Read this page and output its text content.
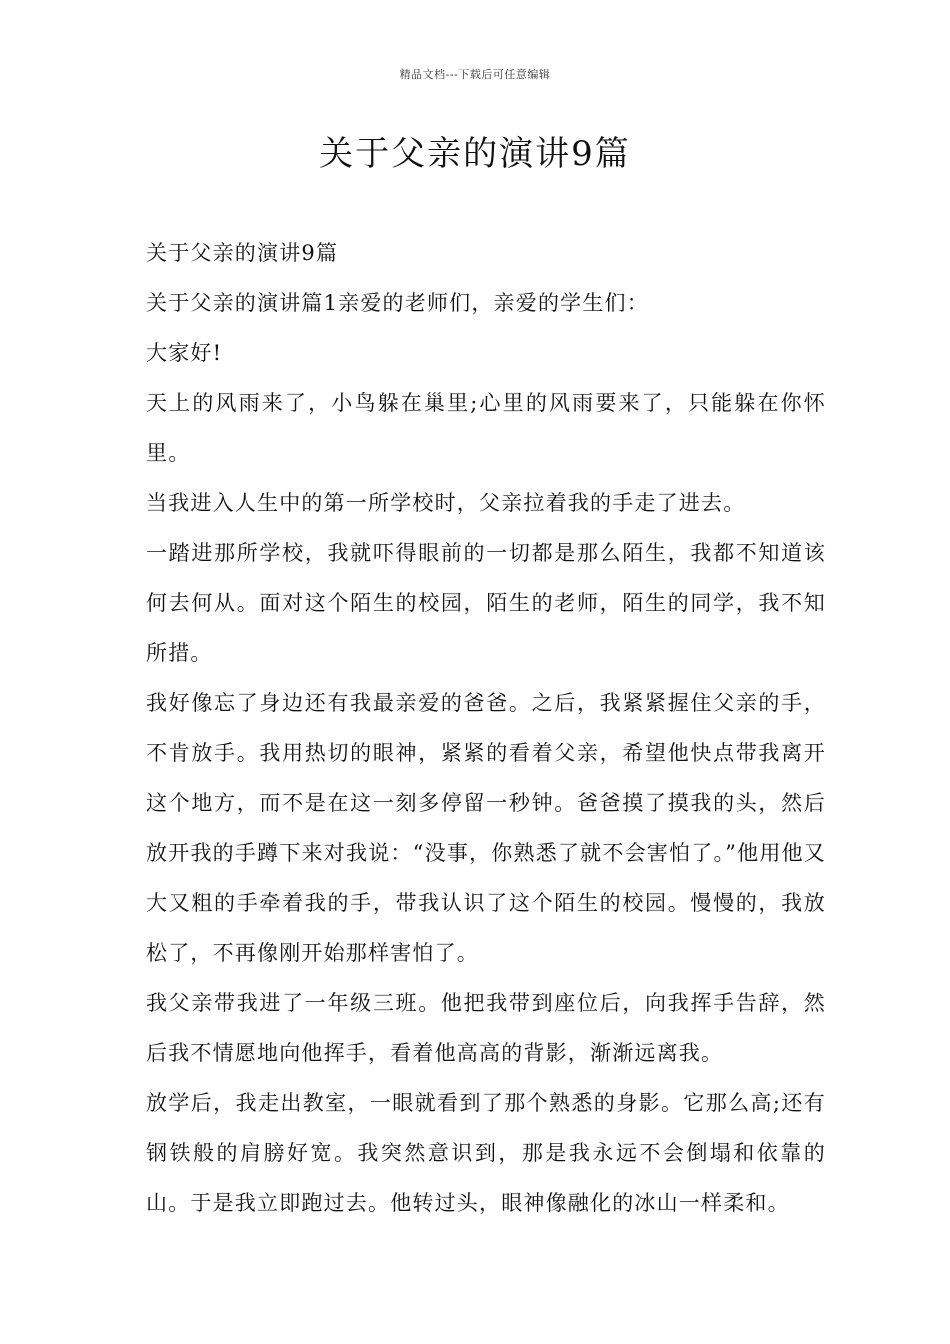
精品文档---下载后可任意编辑
关于父亲的演讲9篇

关于父亲的演讲9篇

关于父亲的演讲篇1亲爱的老师们，亲爱的学生们：

大家好!

天上的风雨来了，小鸟躲在巢里;心里的风雨要来了，只能躲在你怀里。

当我进入人生中的第一所学校时，父亲拉着我的手走了进去。

一踏进那所学校，我就吓得眼前的一切都是那么陌生，我都不知道该何去何从。面对这个陌生的校园，陌生的老师，陌生的同学，我不知所措。

我好像忘了身边还有我最亲爱的爸爸。之后，我紧紧握住父亲的手，不肯放手。我用热切的眼神，紧紧的看着父亲，希望他快点带我离开这个地方，而不是在这一刻多停留一秒钟。爸爸摸了摸我的头，然后放开我的手蹲下来对我说：“没事，你熟悉了就不会害怕了。”他用他又大又粗的手牵着我的手，带我认识了这个陌生的校园。慢慢的，我放松了，不再像刚开始那样害怕了。

我父亲带我进了一年级三班。他把我带到座位后，向我挥手告辞，然后我不情愿地向他挥手，看着他高高的背影，渐渐远离我。

放学后，我走出教室，一眼就看到了那个熟悉的身影。它那么高;还有钢铁般的肩膀好宽。我突然意识到，那是我永远不会倒塌和依靠的山。于是我立即跑过去。他转过头，眼神像融化的冰山一样柔和。
